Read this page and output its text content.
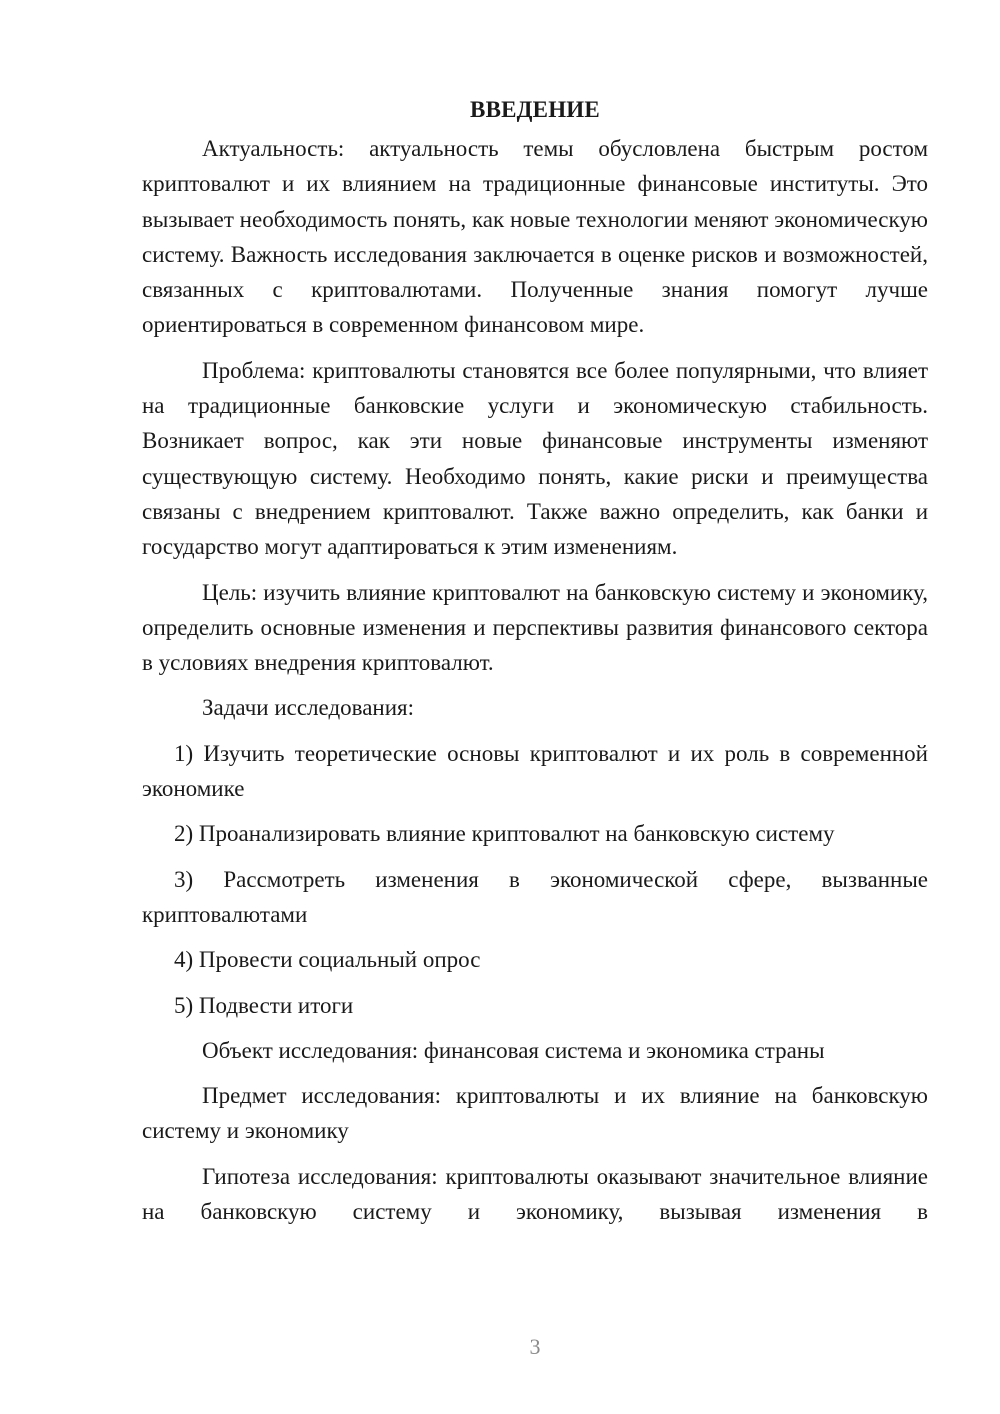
ВВЕДЕНИЕ

Актуальность: актуальность темы обусловлена быстрым ростом криптовалют и их влиянием на традиционные финансовые институты. Это вызывает необходимость понять, как новые технологии меняют экономическую систему. Важность исследования заключается в оценке рисков и возможностей, связанных с криптовалютами. Полученные знания помогут лучше ориентироваться в современном финансовом мире.

Проблема: криптовалюты становятся все более популярными, что влияет на традиционные банковские услуги и экономическую стабильность. Возникает вопрос, как эти новые финансовые инструменты изменяют существующую систему. Необходимо понять, какие риски и преимущества связаны с внедрением криптовалют. Также важно определить, как банки и государство могут адаптироваться к этим изменениям.

Цель: изучить влияние криптовалют на банковскую систему и экономику, определить основные изменения и перспективы развития финансового сектора в условиях внедрения криптовалют.

Задачи исследования:

1) Изучить теоретические основы криптовалют и их роль в современной экономике

2) Проанализировать влияние криптовалют на банковскую систему

3) Рассмотреть изменения в экономической сфере, вызванные криптовалютами

4) Провести социальный опрос

5) Подвести итоги

Объект исследования: финансовая система и экономика страны

Предмет исследования: криптовалюты и их влияние на банковскую систему и экономику

Гипотеза исследования: криптовалюты оказывают значительное влияние на банковскую систему и экономику, вызывая изменения в

3
